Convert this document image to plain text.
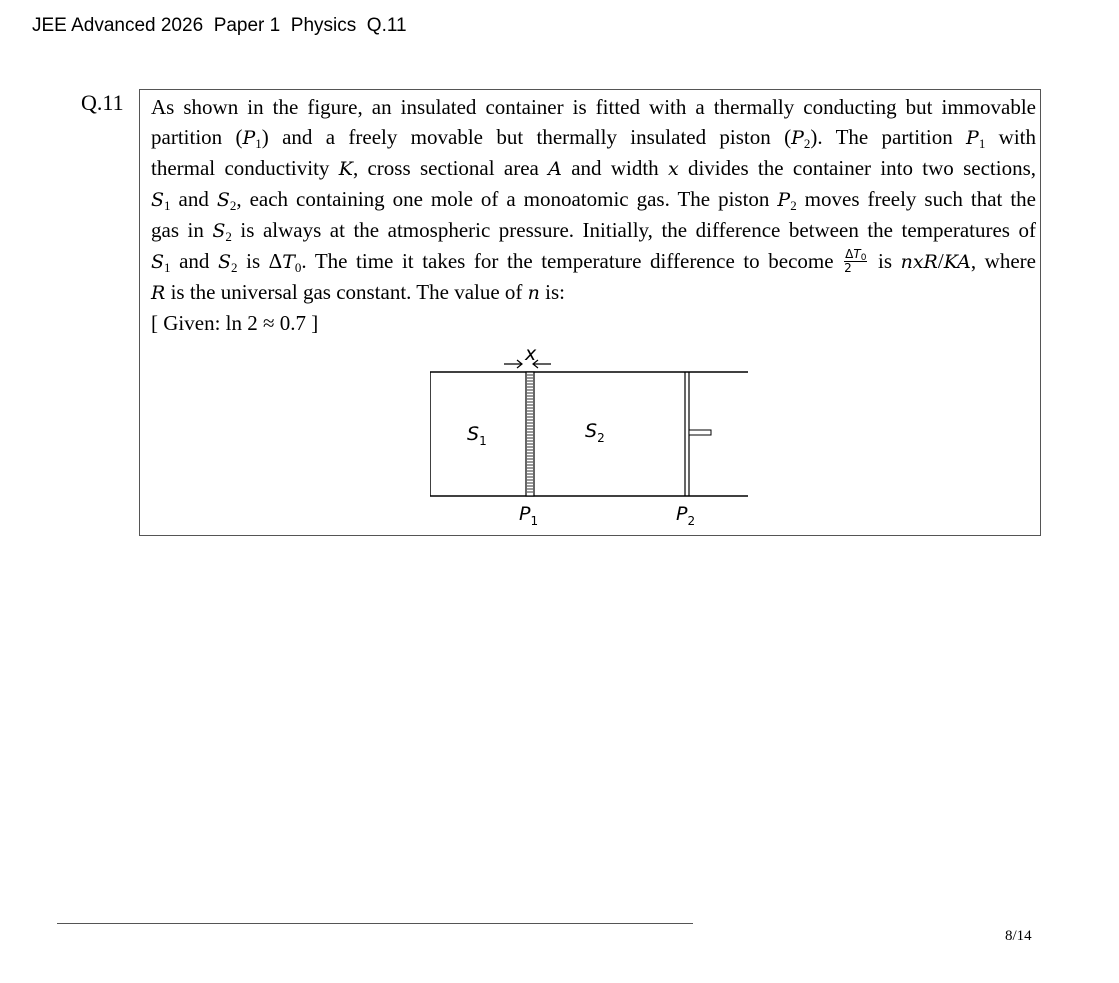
JEE Advanced 2026  Paper 1  Physics  Q.11
Q.11 As shown in the figure, an insulated container is fitted with a thermally conducting but immovable
partition $(P_1)$ and a freely movable but thermally insulated piston $(P_2)$. The partition $P_1$ with
thermal conductivity K, cross sectional area A and width x divides the container into two sections,
$S_1$ and $S_2$, each containing one mole of a monoatomic gas. The piston $P_2$ moves freely such that the
gas in $S_2$ is always at the atmospheric pressure. Initially, the difference between the temperatures of
$S_1$ and $S_2$ is $\Delta T_0$. The time it takes for the temperature difference to become $\frac{\Delta T_0}{2}$ is nxR/KA, where
R is the universal gas constant. The value of n is:
[ Given: ln 2 ≈ 0.7 ]
x
$S_1$	$S_2$
$P_1$	$P_2$
8/14
